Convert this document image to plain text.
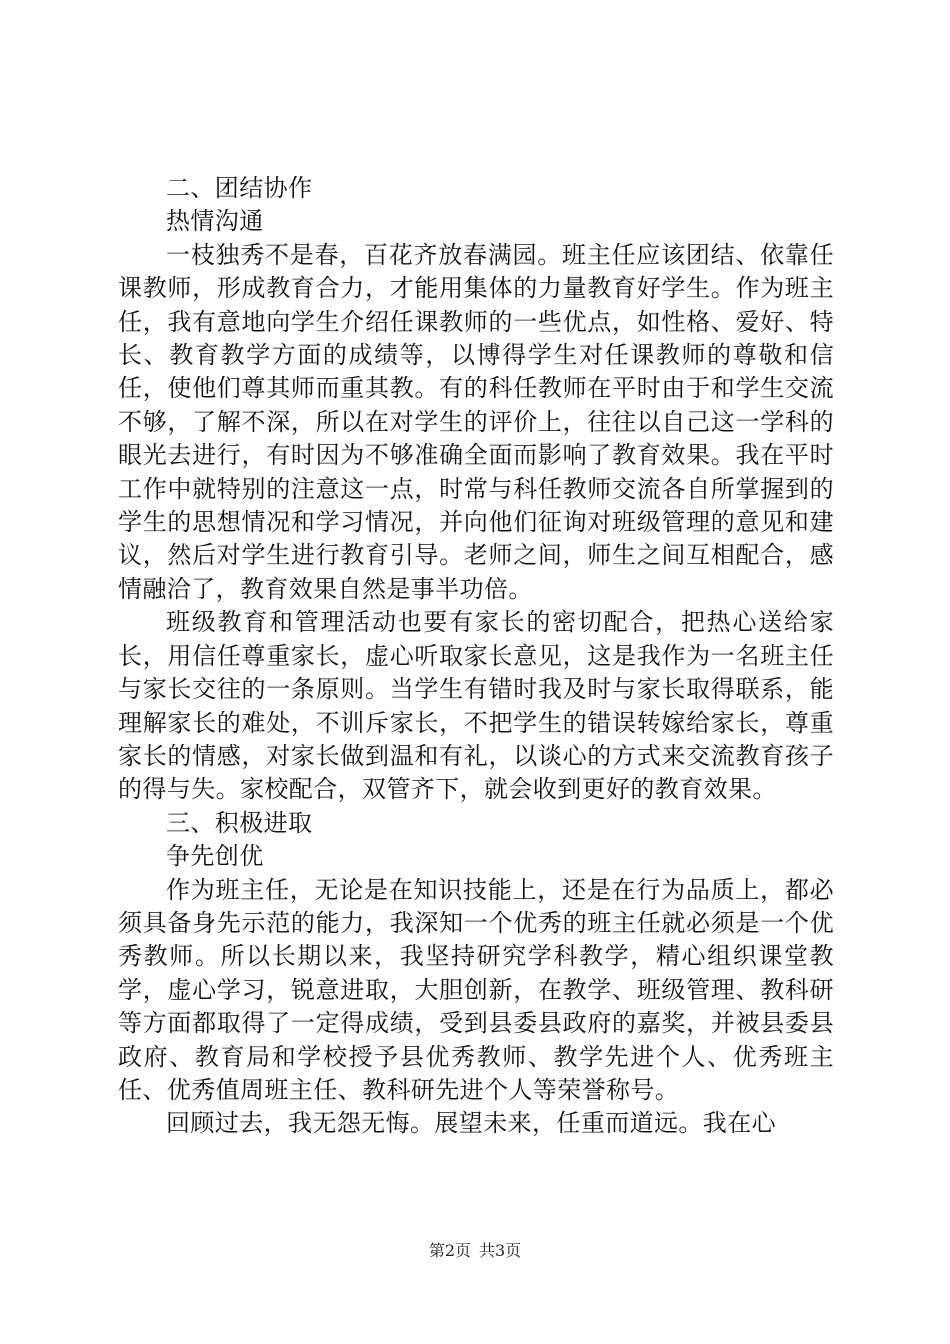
二、团结协作

热情沟通

一枝独秀不是春，百花齐放春满园。班主任应该团结、依靠任课教师，形成教育合力，才能用集体的力量教育好学生。作为班主任，我有意地向学生介绍任课教师的一些优点，如性格、爱好、特长、教育教学方面的成绩等，以博得学生对任课教师的尊敬和信任，使他们尊其师而重其教。有的科任教师在平时由于和学生交流不够，了解不深，所以在对学生的评价上，往往以自己这一学科的眼光去进行，有时因为不够准确全面而影响了教育效果。我在平时工作中就特别的注意这一点，时常与科任教师交流各自所掌握到的学生的思想情况和学习情况，并向他们征询对班级管理的意见和建议，然后对学生进行教育引导。老师之间，师生之间互相配合，感情融洽了，教育效果自然是事半功倍。

班级教育和管理活动也要有家长的密切配合，把热心送给家长，用信任尊重家长，虚心听取家长意见，这是我作为一名班主任与家长交往的一条原则。当学生有错时我及时与家长取得联系，能理解家长的难处，不训斥家长，不把学生的错误转嫁给家长，尊重家长的情感，对家长做到温和有礼，以谈心的方式来交流教育孩子的得与失。家校配合，双管齐下，就会收到更好的教育效果。

三、积极进取

争先创优

作为班主任，无论是在知识技能上，还是在行为品质上，都必须具备身先示范的能力，我深知一个优秀的班主任就必须是一个优秀教师。所以长期以来，我坚持研究学科教学，精心组织课堂教学，虚心学习，锐意进取，大胆创新，在教学、班级管理、教科研等方面都取得了一定得成绩，受到县委县政府的嘉奖，并被县委县政府、教育局和学校授予县优秀教师、教学先进个人、优秀班主任、优秀值周班主任、教科研先进个人等荣誉称号。

回顾过去，我无怨无悔。展望未来，任重而道远。我在心

第2页 共3页
